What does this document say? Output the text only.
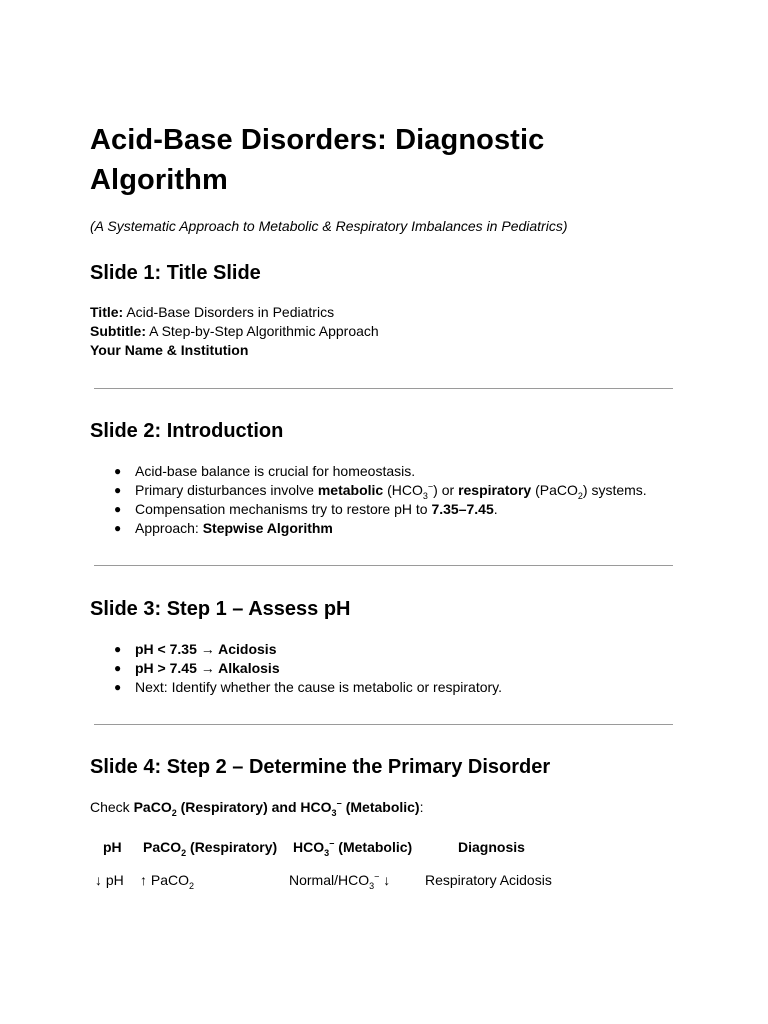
Acid-Base Disorders: Diagnostic Algorithm

(A Systematic Approach to Metabolic & Respiratory Imbalances in Pediatrics)

Slide 1: Title Slide

Title: Acid-Base Disorders in Pediatrics

Subtitle: A Step-by-Step Algorithmic Approach

Your Name & Institution

Slide 2: Introduction
● Acid-base balance is crucial for homeostasis.
● Primary disturbances involve metabolic $(HCO_3^-)$ or respiratory (PaCO$_2$) systems.
● Compensation mechanisms try to restore pH to 7.35–7.45.
● Approach: Stepwise Algorithm
Slide 3: Step 1 – Assess pH
● pH < 7.35 → Acidosis
● pH > 7.45 → Alkalosis
● Next: Identify whether the cause is metabolic or respiratory.
Slide 4: Step 2 – Determine the Primary Disorder
Check PaCO$_2$ (Respiratory) and $HCO_3^-$ (Metabolic):
pH PaCO$_2$ (Respiratory) $HCO_3^-$ (Metabolic)	Diagnosis
↓ pH ↑ PaCO$_2$	Normal/$HCO_3^-$ ↓ Respiratory Acidosis
